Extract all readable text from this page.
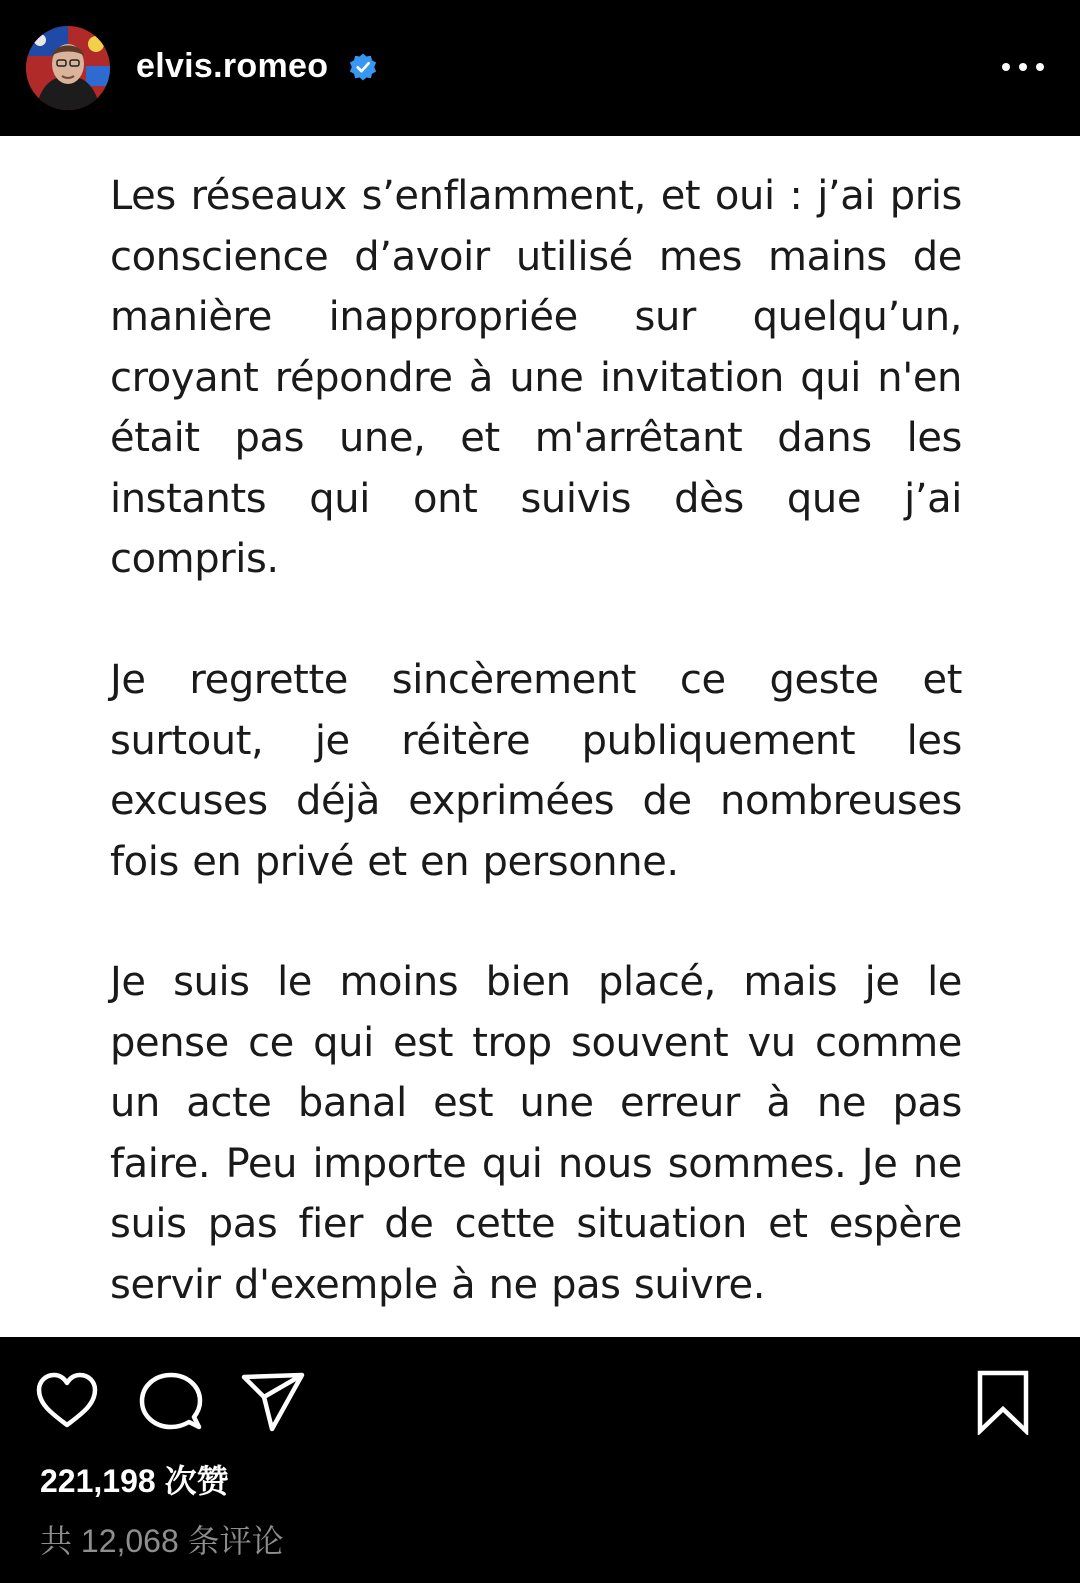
elvis.romeo

Les réseaux s’enflamment, et oui : j’ai pris conscience d’avoir utilisé mes mains de manière inappropriée sur quelqu’un, croyant répondre à une invitation qui n'en était pas une, et m'arrêtant dans les instants qui ont suivis dès que j’ai compris.

Je regrette sincèrement ce geste et surtout, je réitère publiquement les excuses déjà exprimées de nombreuses fois en privé et en personne.

Je suis le moins bien placé, mais je le pense ce qui est trop souvent vu comme un acte banal est une erreur à ne pas faire. Peu importe qui nous sommes. Je ne suis pas fier de cette situation et espère servir d'exemple à ne pas suivre.

221,198 次赞
共 12,068 条评论
